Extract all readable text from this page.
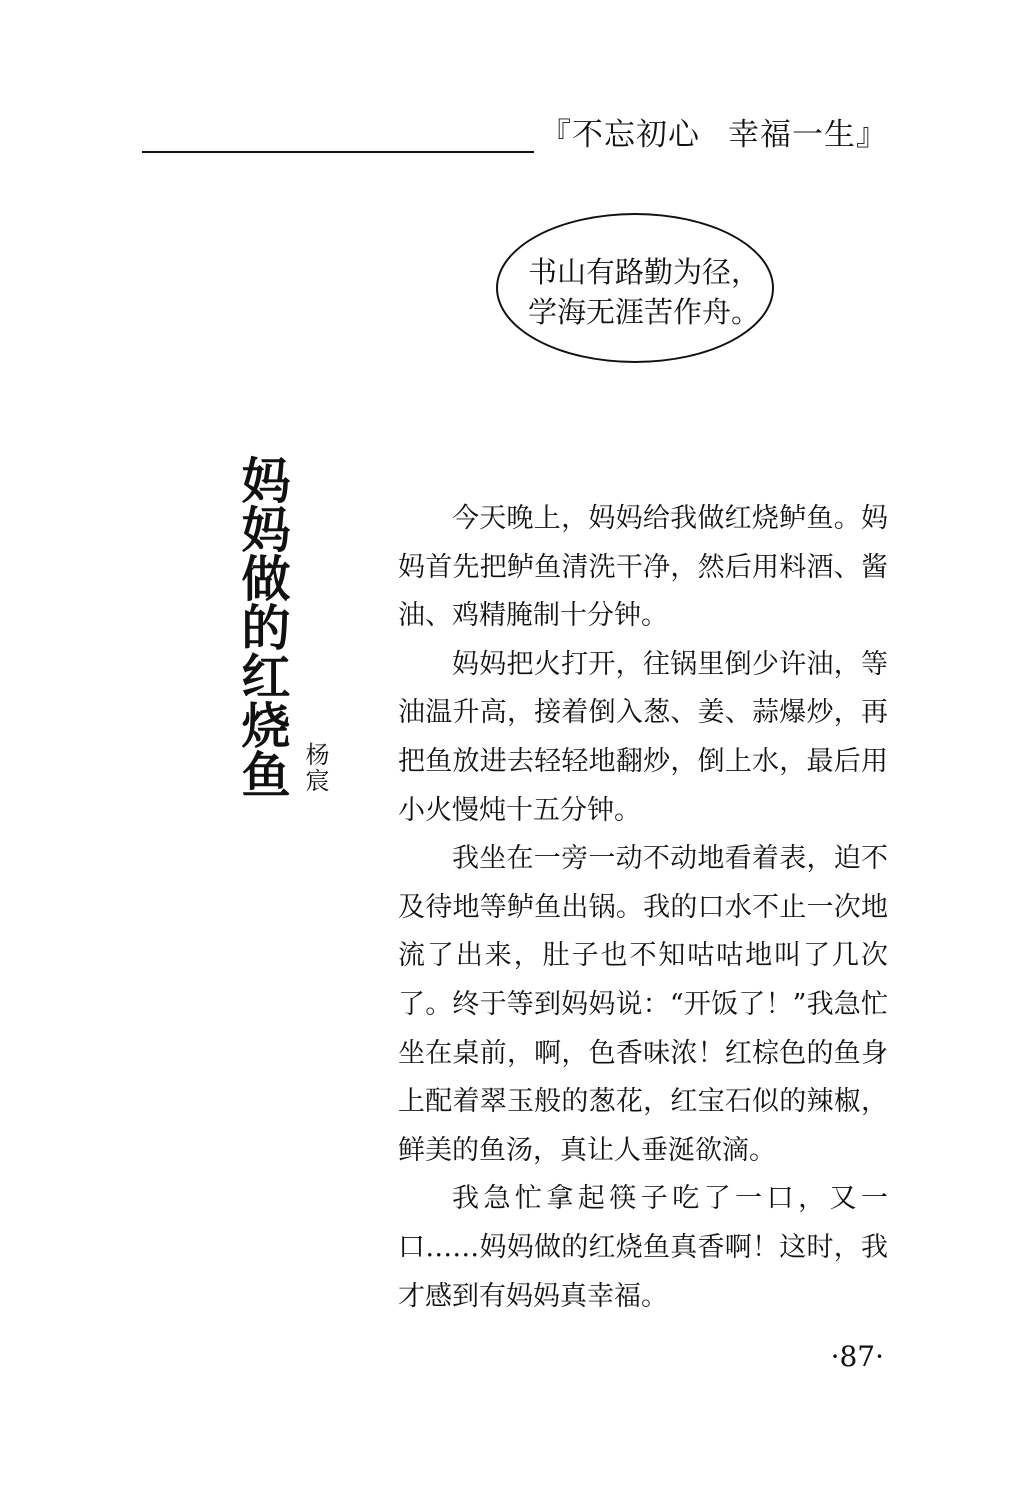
『不忘初心 幸福一生』
书山有路勤为径，
学海无涯苦作舟。
妈妈做的红烧鱼 杨宸

今天晚上，妈妈给我做红烧鲈鱼。妈妈首先把鲈鱼清洗干净，然后用料酒、酱油、鸡精腌制十分钟。

妈妈把火打开，往锅里倒少许油，等油温升高，接着倒入葱、姜、蒜爆炒，再把鱼放进去轻轻地翻炒，倒上水，最后用小火慢炖十五分钟。

我坐在一旁一动不动地看着表，迫不及待地等鲈鱼出锅。我的口水不止一次地流了出来，肚子也不知咕咕地叫了几次了。终于等到妈妈说：“开饭了！”我急忙坐在桌前，啊，色香味浓！红棕色的鱼身上配着翠玉般的葱花，红宝石似的辣椒，鲜美的鱼汤，真让人垂涎欲滴。

我急忙拿起筷子吃了一口，又一口……妈妈做的红烧鱼真香啊！这时，我才感到有妈妈真幸福。

·87·
